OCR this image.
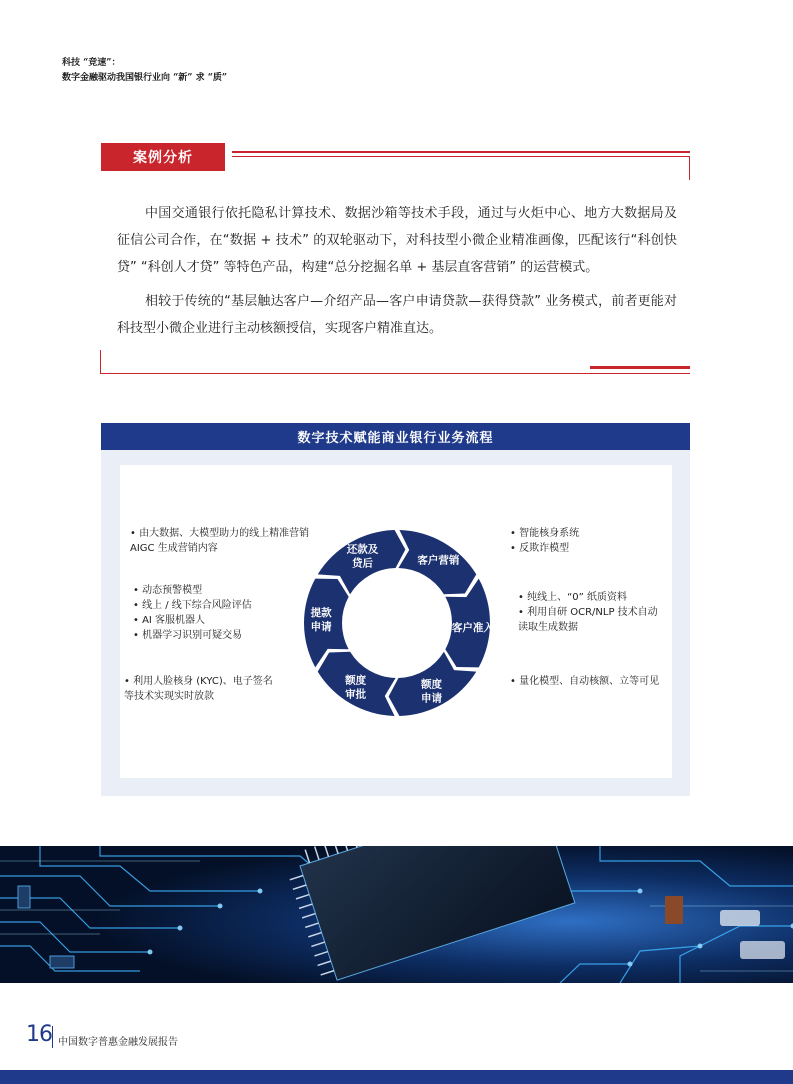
科技 “竞速”：
数字金融驱动我国银行业向 “新” 求 “质”
案例分析

中国交通银行依托隐私计算技术、数据沙箱等技术手段，通过与火炬中心、地方大数据局及征信公司合作，在“数据 + 技术” 的双轮驱动下，对科技型小微企业精准画像，匹配该行“科创快贷” “科创人才贷” 等特色产品，构建“总分挖掘名单 + 基层直客营销” 的运营模式。

相较于传统的“基层触达客户—介绍产品—客户申请贷款—获得贷款” 业务模式，前者更能对科技型小微企业进行主动核额授信，实现客户精准直达。

数字技术赋能商业银行业务流程
客户营销
客户准入
额度申请
额度审批
提款申请
还款及贷后
• 由大数据、大模型助力的线上精准营销
AIGC 生成营销内容
• 动态预警模型
• 线上 / 线下综合风险评估
• AI 客服机器人
• 机器学习识别可疑交易
• 利用人脸核身 (KYC)、电子签名
等技术实现实时放款
• 智能核身系统
• 反欺诈模型
• 纯线上、“0” 纸质资料
• 利用自研 OCR/NLP 技术自动
读取生成数据
• 量化模型、自动核额、立等可见
16 中国数字普惠金融发展报告
